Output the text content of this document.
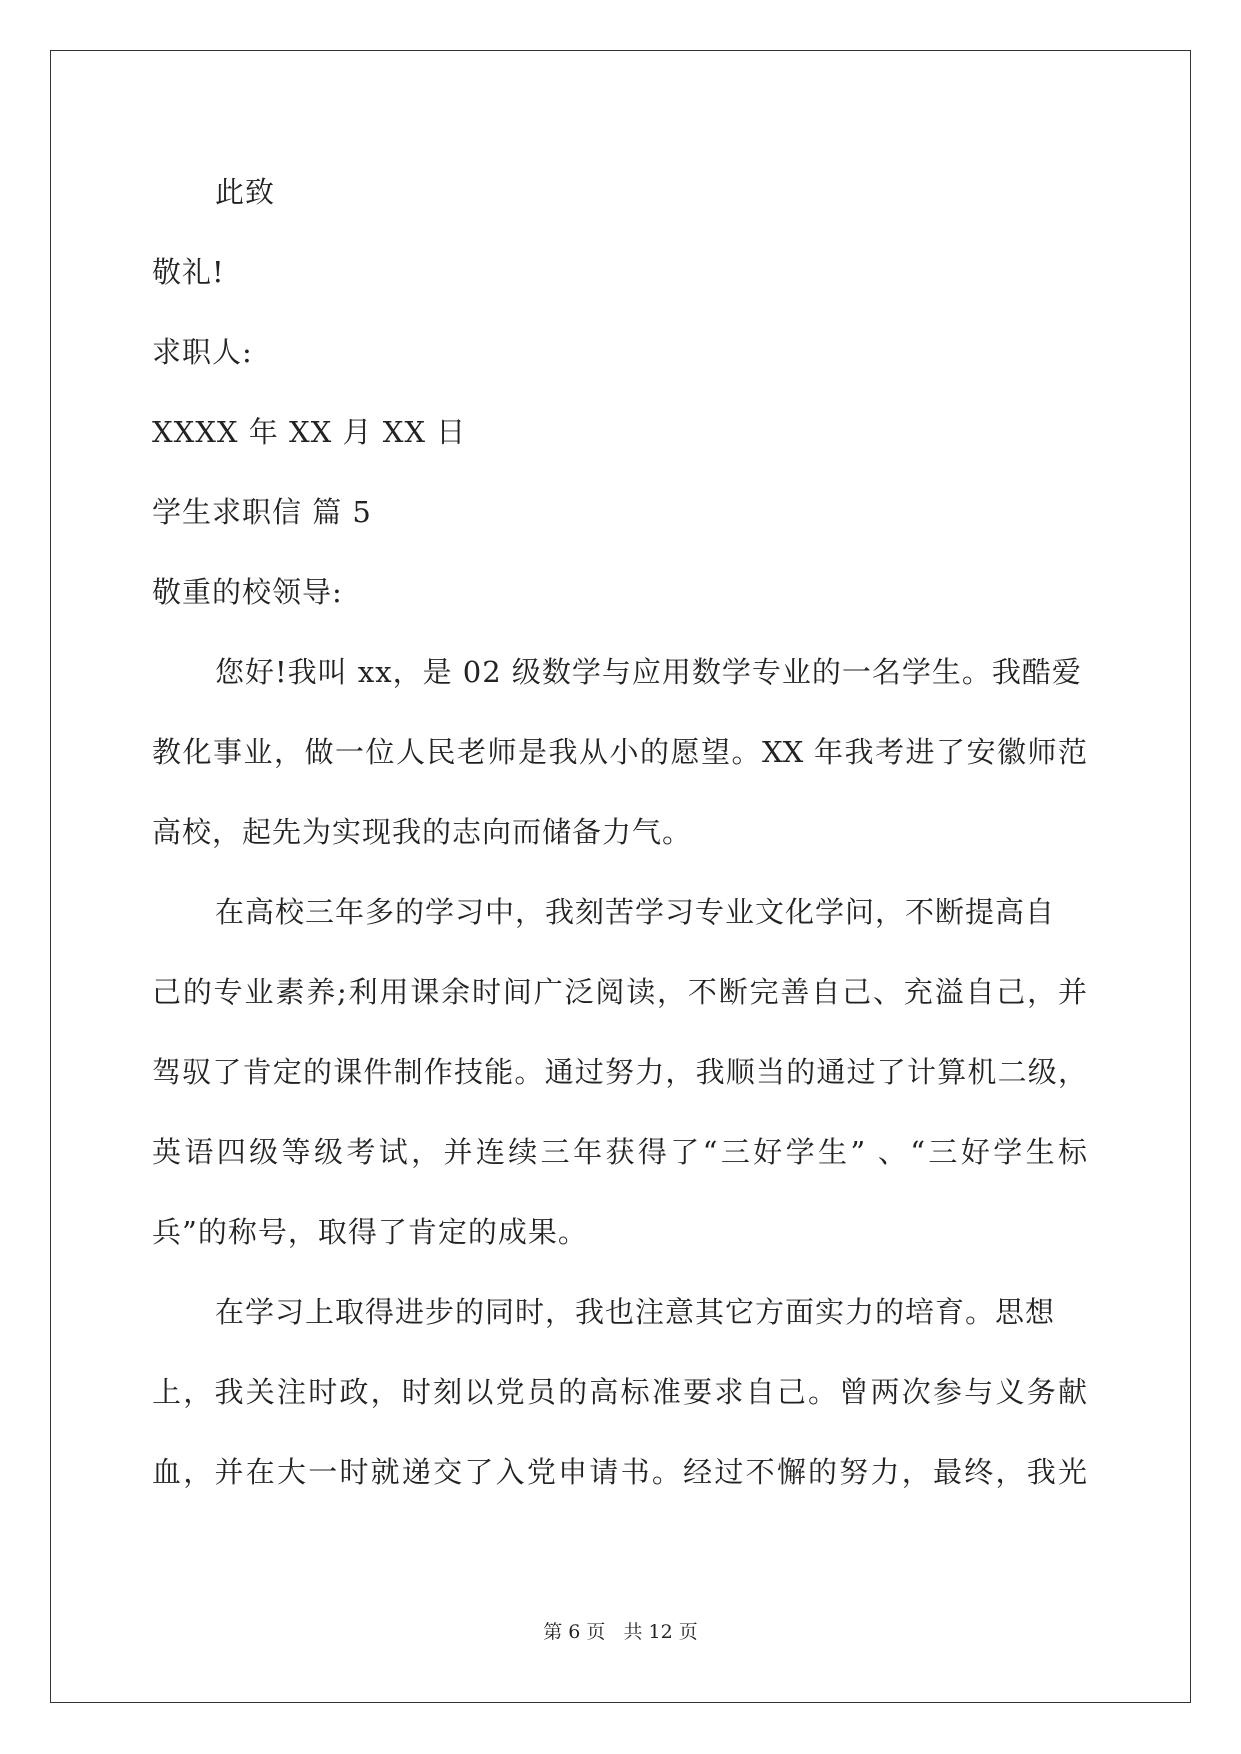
此致
敬礼!
求职人:
XXXX 年 XX 月 XX 日
学生求职信 篇 5
敬重的校领导:
您好!我叫 xx，是 02 级数学与应用数学专业的一名学生。我酷爱
教化事业，做一位人民老师是我从小的愿望。XX 年我考进了安徽师范
高校，起先为实现我的志向而储备力气。
在高校三年多的学习中，我刻苦学习专业文化学问，不断提高自
己的专业素养;利用课余时间广泛阅读，不断完善自己、充溢自己，并
驾驭了肯定的课件制作技能。通过努力，我顺当的通过了计算机二级，
英语四级等级考试，并连续三年获得了“三好学生” 、“三好学生标
兵”的称号，取得了肯定的成果。
在学习上取得进步的同时，我也注意其它方面实力的培育。思想
上，我关注时政，时刻以党员的高标准要求自己。曾两次参与义务献
血，并在大一时就递交了入党申请书。经过不懈的努力，最终，我光
第 6 页   共 12 页
